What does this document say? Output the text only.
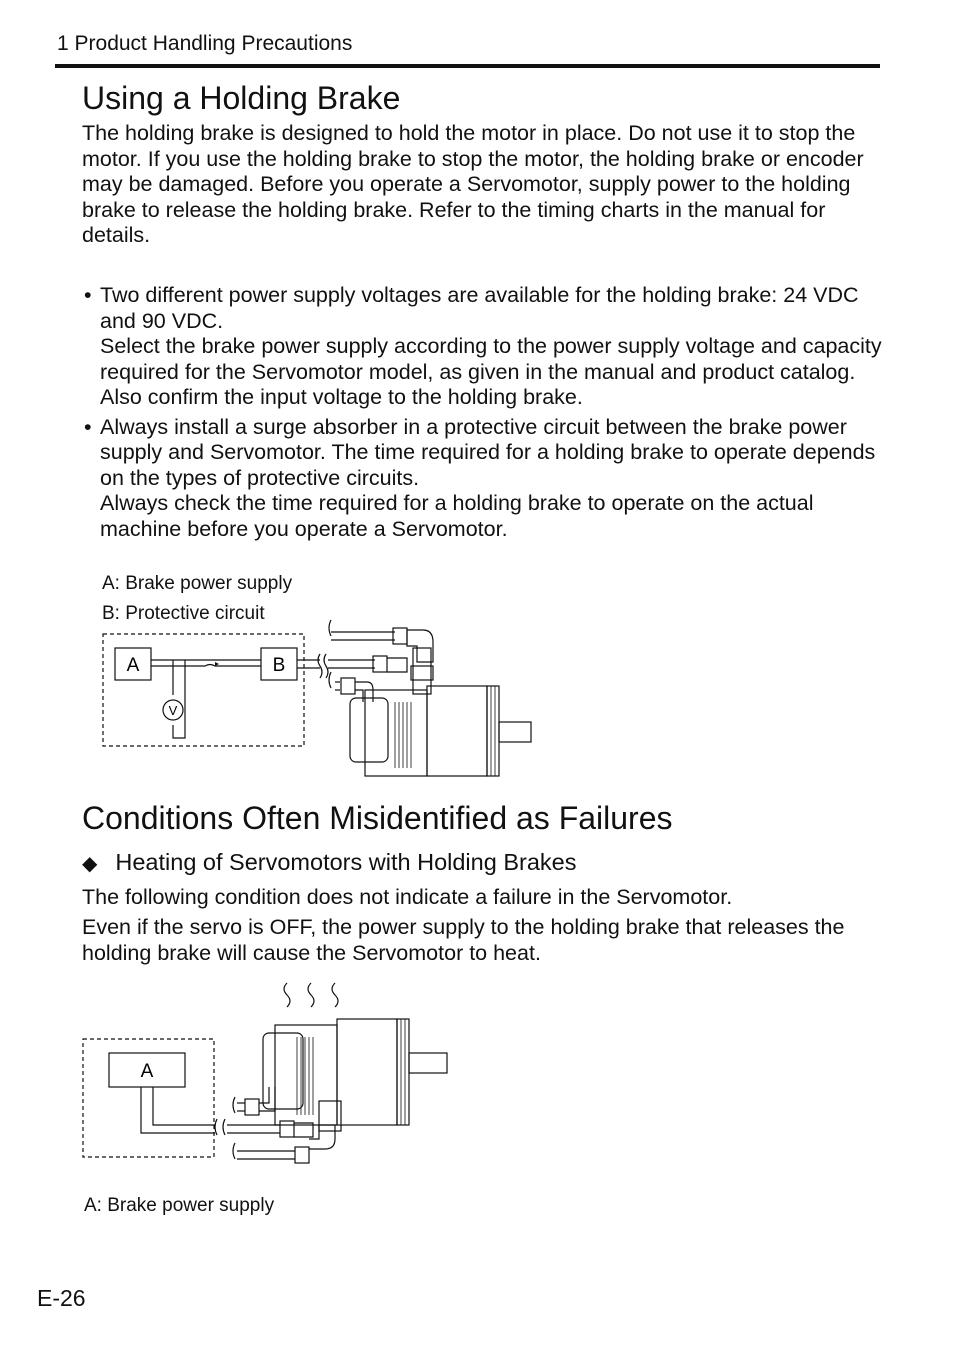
1 Product Handling Precautions
Using a Holding Brake

The holding brake is designed to hold the motor in place. Do not use it to stop the motor. If you use the holding brake to stop the motor, the holding brake or encoder may be damaged. Before you operate a Servomotor, supply power to the holding brake to release the holding brake. Refer to the timing charts in the manual for details.

• Two different power supply voltages are available for the holding brake: 24 VDC and 90 VDC.
Select the brake power supply according to the power supply voltage and capacity required for the Servomotor model, as given in the manual and product catalog.
Also confirm the input voltage to the holding brake.
• Always install a surge absorber in a protective circuit between the brake power supply and Servomotor. The time required for a holding brake to operate depends on the types of protective circuits.
Always check the time required for a holding brake to operate on the actual machine before you operate a Servomotor.
A: Brake power supply
B: Protective circuit
A	B
V
Conditions Often Misidentified as Failures
◆ Heating of Servomotors with Holding Brakes

The following condition does not indicate a failure in the Servomotor.

Even if the servo is OFF, the power supply to the holding brake that releases the holding brake will cause the Servomotor to heat.

A
A: Brake power supply
E-26
